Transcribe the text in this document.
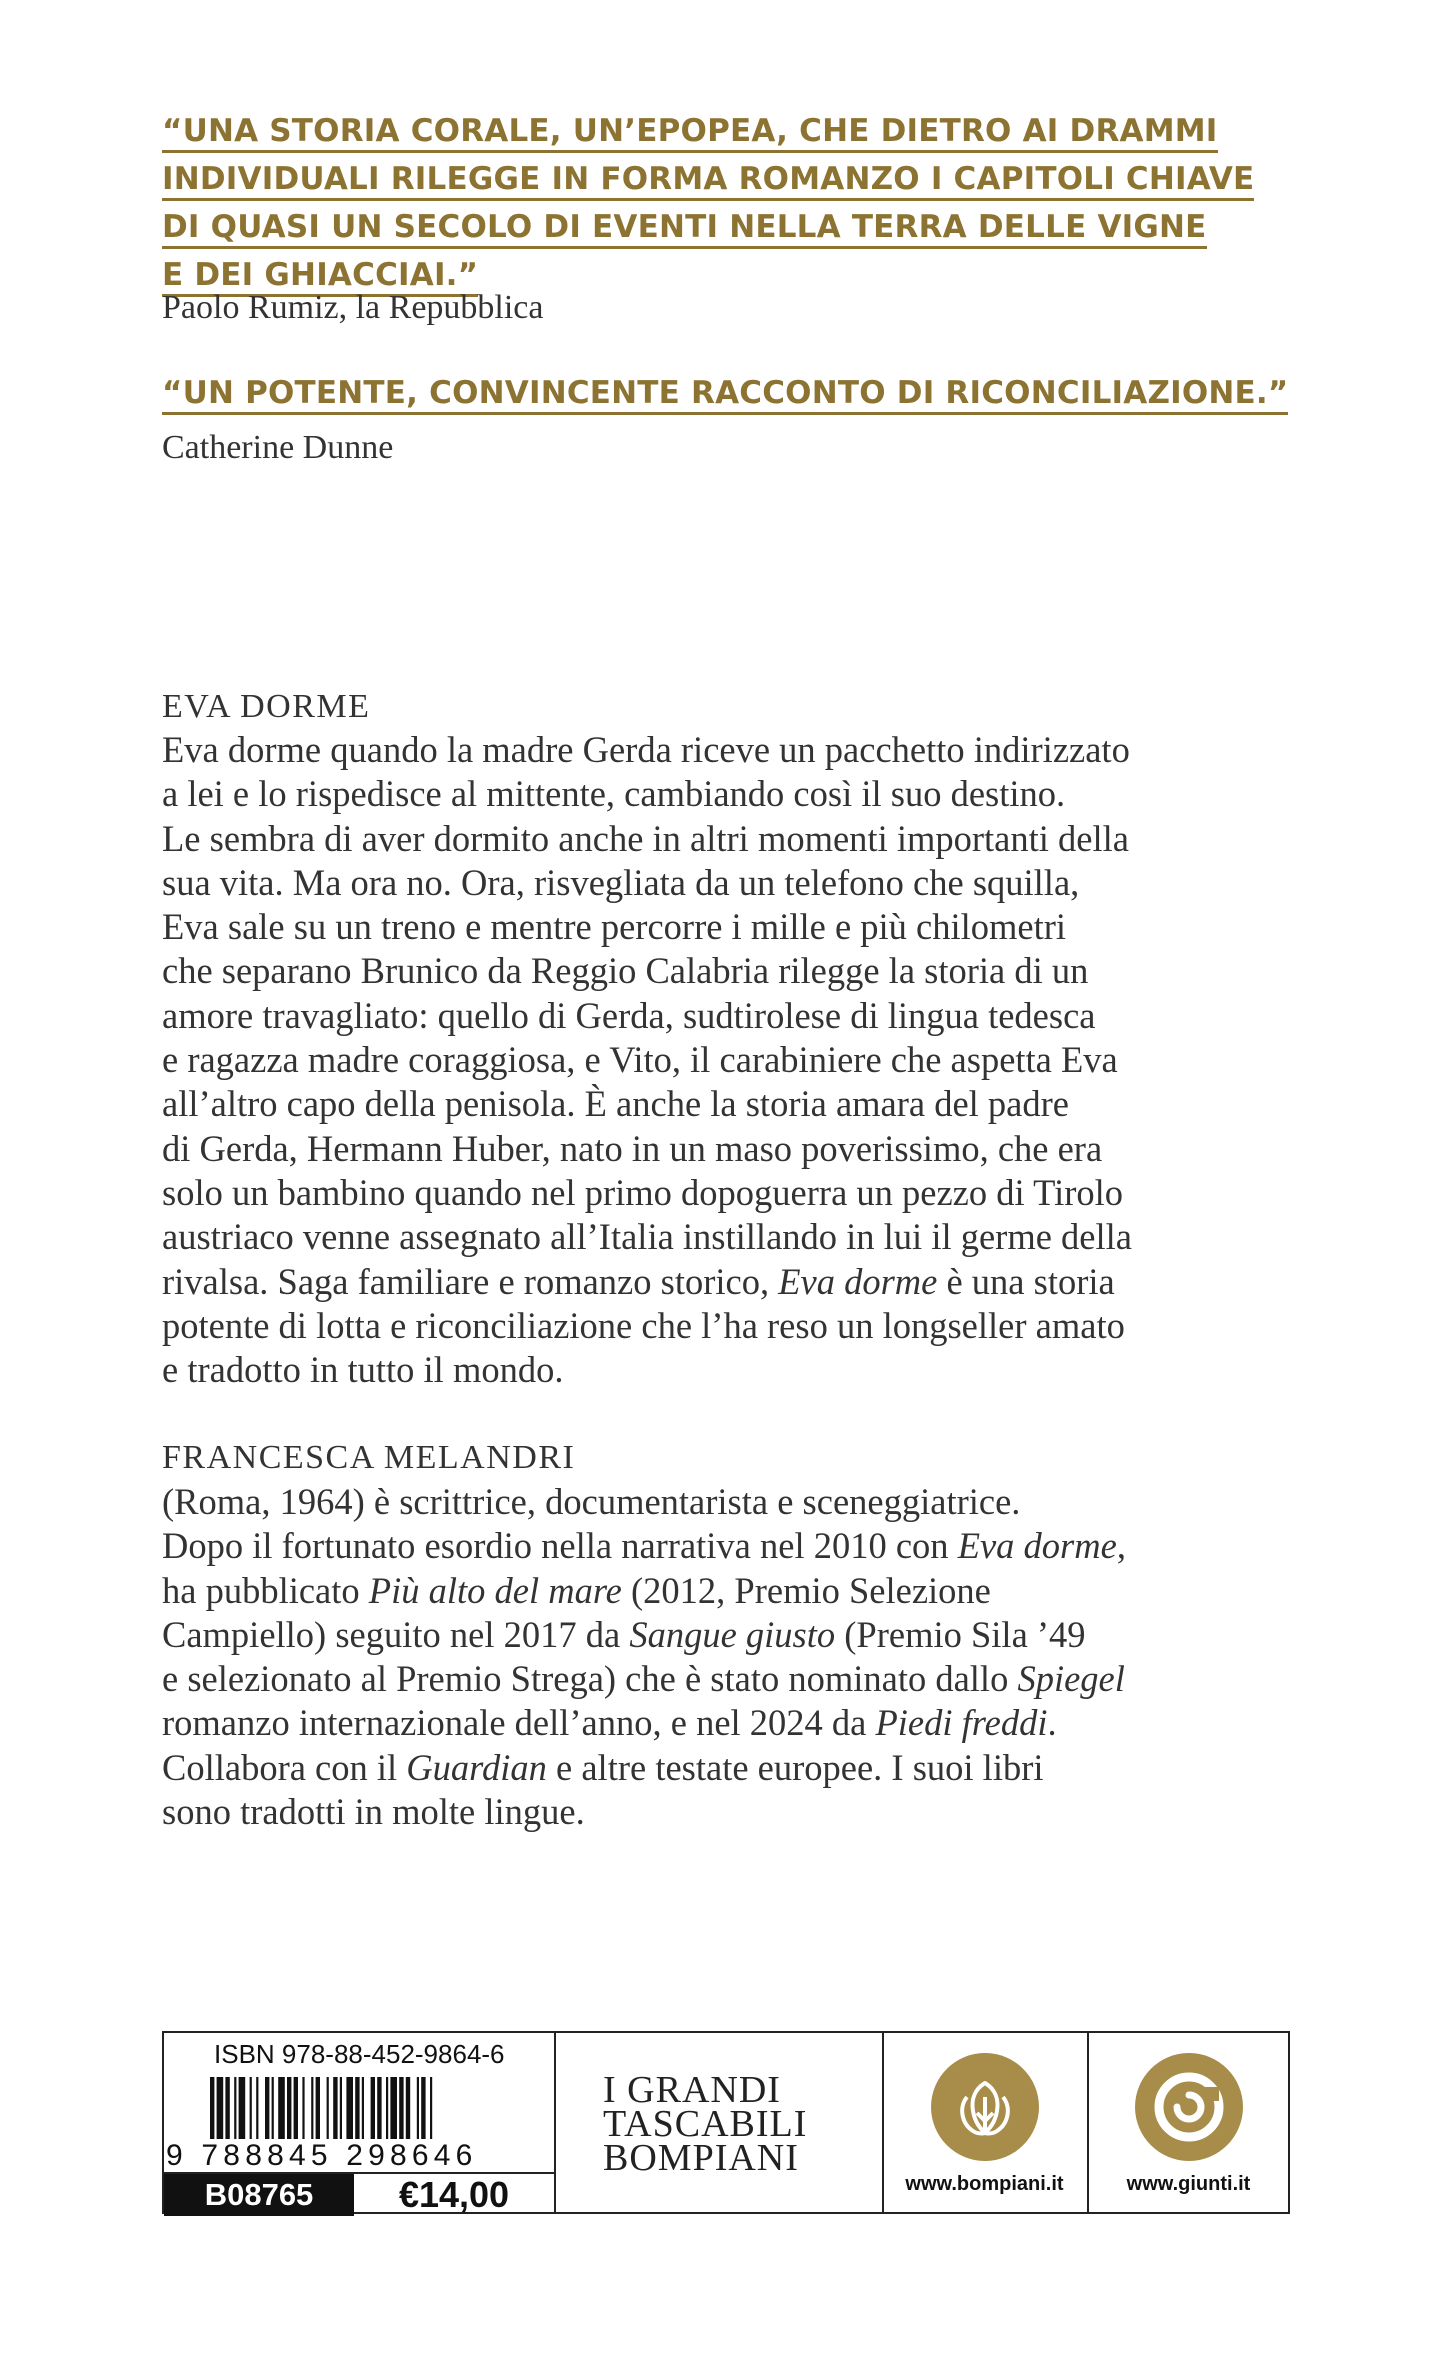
“UNA STORIA CORALE, UN’EPOPEA, CHE DIETRO AI DRAMMI
INDIVIDUALI RILEGGE IN FORMA ROMANZO I CAPITOLI CHIAVE
DI QUASI UN SECOLO DI EVENTI NELLA TERRA DELLE VIGNE
E DEI GHIACCIAI.”
Paolo Rumiz, la Repubblica
“UN POTENTE, CONVINCENTE RACCONTO DI RICONCILIAZIONE.”
Catherine Dunne
EVA DORME
Eva dorme quando la madre Gerda riceve un pacchetto indirizzato
a lei e lo rispedisce al mittente, cambiando così il suo destino.
Le sembra di aver dormito anche in altri momenti importanti della
sua vita. Ma ora no. Ora, risvegliata da un telefono che squilla,
Eva sale su un treno e mentre percorre i mille e più chilometri
che separano Brunico da Reggio Calabria rilegge la storia di un
amore travagliato: quello di Gerda, sudtirolese di lingua tedesca
e ragazza madre coraggiosa, e Vito, il carabiniere che aspetta Eva
all’altro capo della penisola. È anche la storia amara del padre
di Gerda, Hermann Huber, nato in un maso poverissimo, che era
solo un bambino quando nel primo dopoguerra un pezzo di Tirolo
austriaco venne assegnato all’Italia instillando in lui il germe della
rivalsa. Saga familiare e romanzo storico, Eva dorme è una storia
potente di lotta e riconciliazione che l’ha reso un longseller amato
e tradotto in tutto il mondo.
FRANCESCA MELANDRI
(Roma, 1964) è scrittrice, documentarista e sceneggiatrice.
Dopo il fortunato esordio nella narrativa nel 2010 con Eva dorme,
ha pubblicato Più alto del mare (2012, Premio Selezione
Campiello) seguito nel 2017 da Sangue giusto (Premio Sila ’49
e selezionato al Premio Strega) che è stato nominato dallo Spiegel
romanzo internazionale dell’anno, e nel 2024 da Piedi freddi.
Collabora con il Guardian e altre testate europee. I suoi libri
sono tradotti in molte lingue.
ISBN 978-88-452-9864-6
9 788845 298646
B08765	€14,00
I GRANDI
TASCABILI
BOMPIANI
www.bompiani.it	www.giunti.it
